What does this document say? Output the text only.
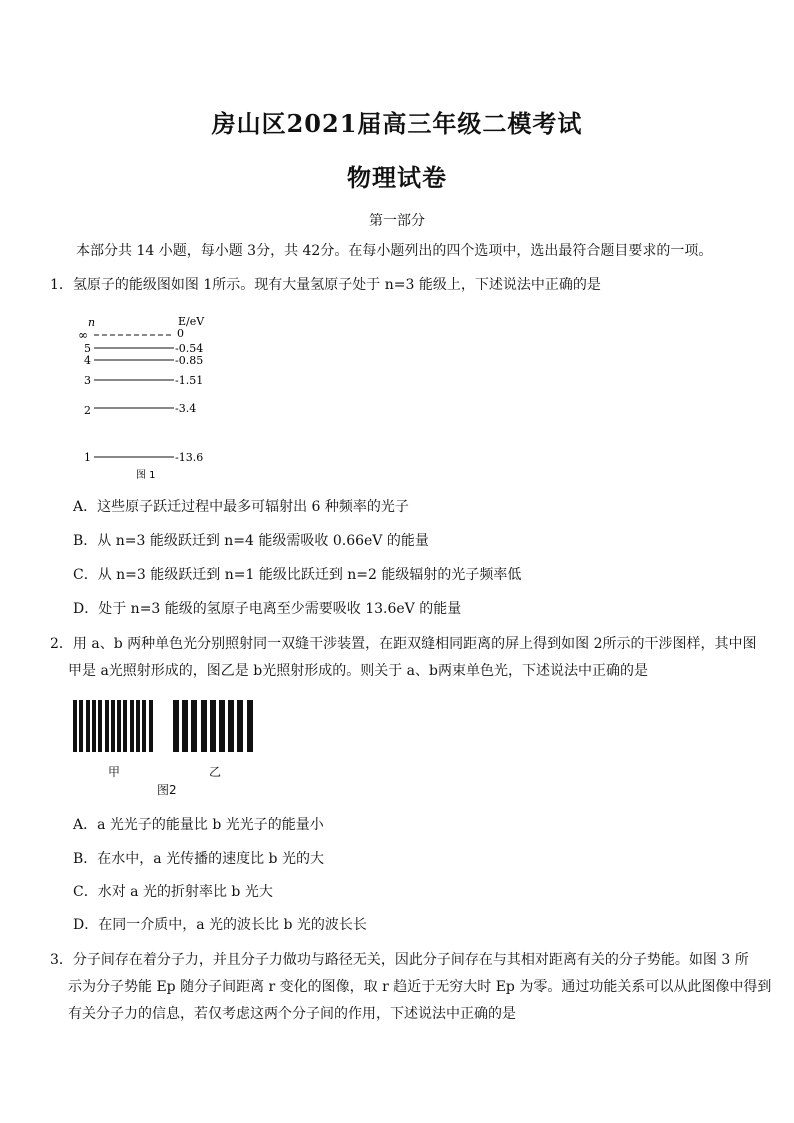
房山区2021届高三年级二模考试
物理试卷
第一部分
本部分共 14 小题，每小题 3分，共 42分。在每小题列出的四个选项中，选出最符合题目要求的一项。
1．氢原子的能级图如图 1所示。现有大量氢原子处于 n=3 能级上，下述说法中正确的是
n	E/eV
∞
5
4
3
2
1
0
-0.54
-0.85
-1.51
-3.4
-13.6
图 1
A．这些原子跃迁过程中最多可辐射出 6 种频率的光子
B．从 n=3 能级跃迁到 n=4 能级需吸收 0.66eV 的能量
C．从 n=3 能级跃迁到 n=1 能级比跃迁到 n=2 能级辐射的光子频率低
D．处于 n=3 能级的氢原子电离至少需要吸收 13.6eV 的能量
2．用 a、b 两种单色光分别照射同一双缝干涉装置，在距双缝相同距离的屏上得到如图 2所示的干涉图样，其中图
甲是 a光照射形成的，图乙是 b光照射形成的。则关于 a、b两束单色光，下述说法中正确的是
甲	乙
图2
A．a 光光子的能量比 b 光光子的能量小
B．在水中，a 光传播的速度比 b 光的大
C．水对 a 光的折射率比 b 光大
D．在同一介质中，a 光的波长比 b 光的波长长
3．分子间存在着分子力，并且分子力做功与路径无关，因此分子间存在与其相对距离有关的分子势能。如图 3 所
示为分子势能 Ep 随分子间距离 r 变化的图像，取 r 趋近于无穷大时 Ep 为零。通过功能关系可以从此图像中得到
有关分子力的信息，若仅考虑这两个分子间的作用，下述说法中正确的是
